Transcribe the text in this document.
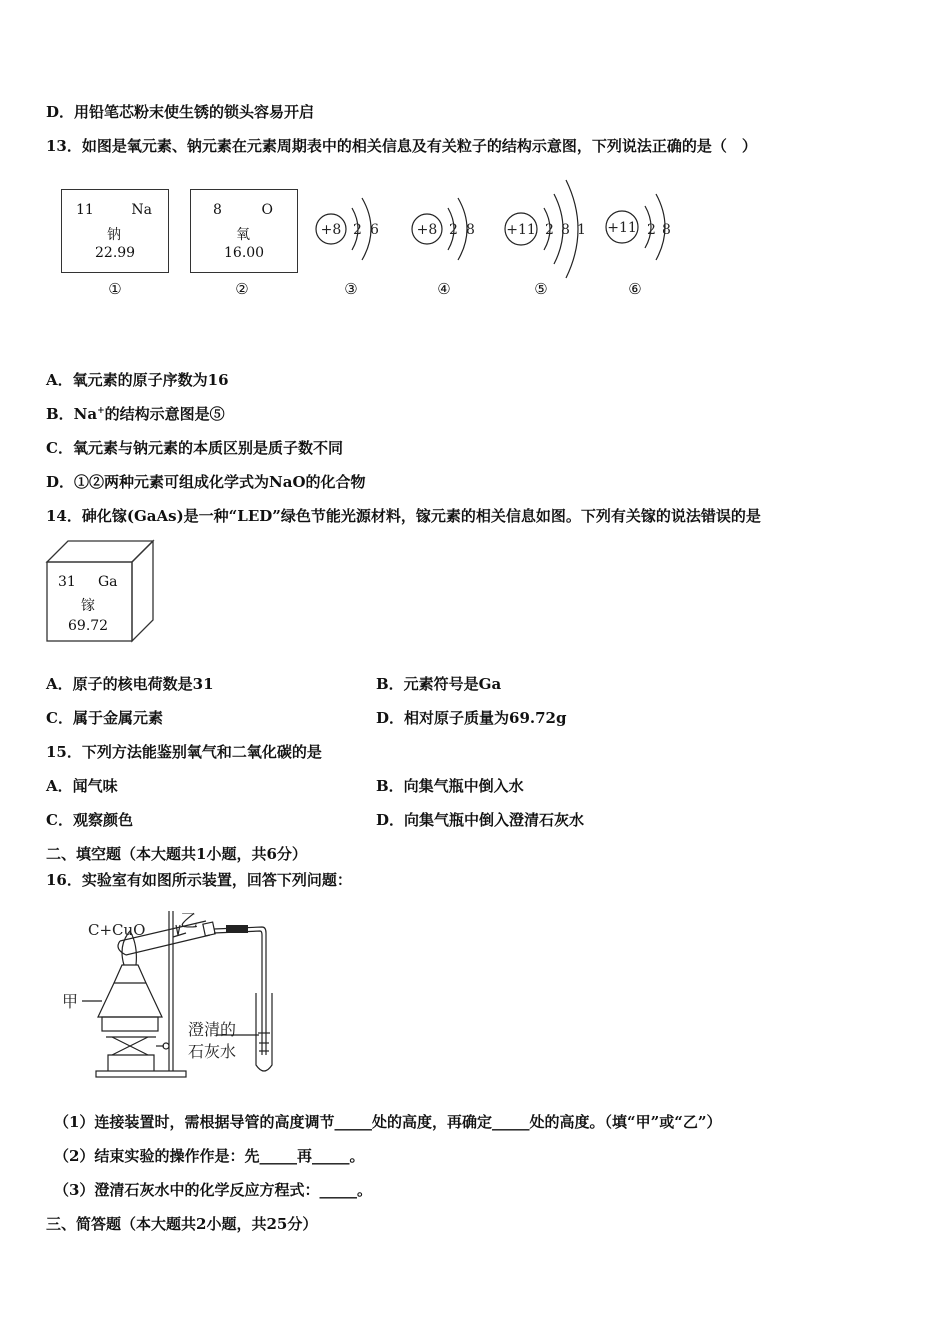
D．用铅笔芯粉末使生锈的锁头容易开启
13．如图是氧元素、钠元素在元素周期表中的相关信息及有关粒子的结构示意图，下列说法正确的是（　）
11	Na
钠
22.99
8	O
氧
16.00
+8 2 6	+8 2 8 +11 2 8 1 +11 2 8
①	②	③	④	⑤	⑥
A．氧元素的原子序数为16
B．Na+的结构示意图是⑤
C．氧元素与钠元素的本质区别是质子数不同
D．①②两种元素可组成化学式为NaO的化合物
14．砷化镓(GaAs)是一种“LED”绿色节能光源材料，镓元素的相关信息如图。下列有关镓的说法错误的是
31 Ga
镓
69.72
A．原子的核电荷数是31	B．元素符号是Ga
C．属于金属元素	D．相对原子质量为69.72g
15．下列方法能鉴别氧气和二氧化碳的是
A．闻气味	B．向集气瓶中倒入水
C．观察颜色	D．向集气瓶中倒入澄清石灰水
二、填空题（本大题共1小题，共6分）
16．实验室有如图所示装置，回答下列问题：
C+CuO 乙
甲
澄清的
石灰水
（1）连接装置时，需根据导管的高度调节_____处的高度，再确定_____处的高度。（填“甲”或“乙”）
（2）结束实验的操作作是：先_____再_____。
（3）澄清石灰水中的化学反应方程式：_____。
三、简答题（本大题共2小题，共25分）
